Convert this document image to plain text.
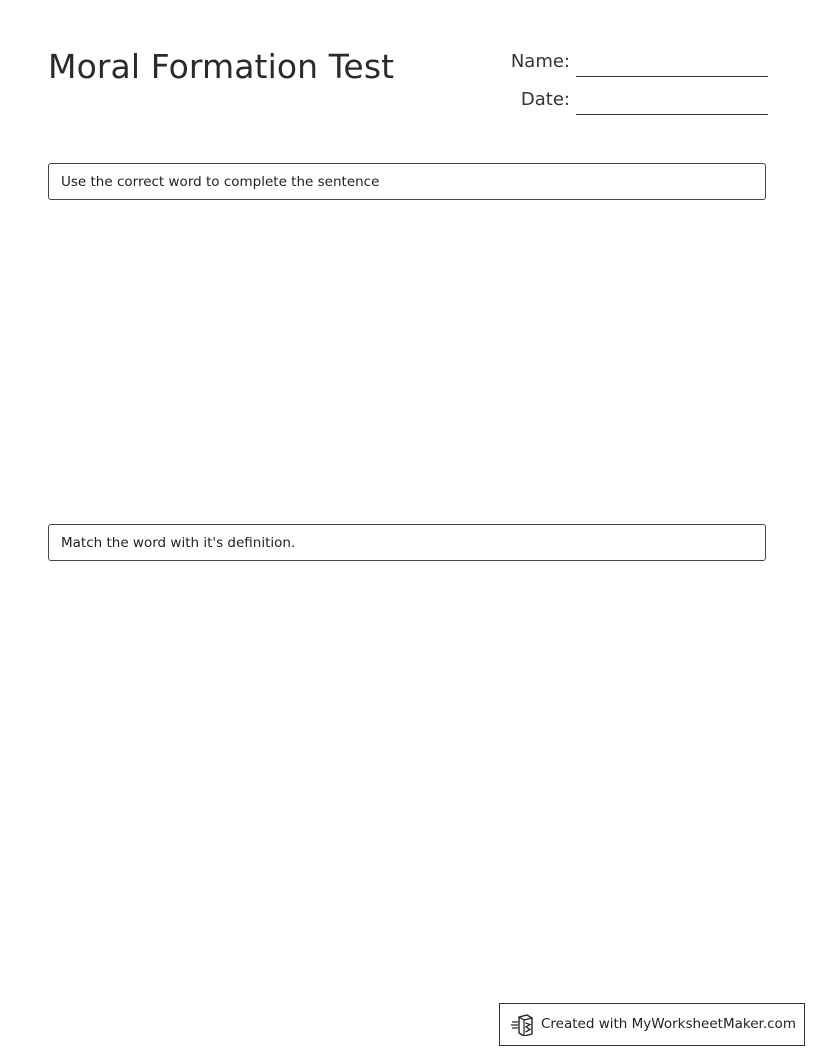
Moral Formation Test	Name:
Date:
Use the correct word to complete the sentence
Match the word with it's definition.
Created with MyWorksheetMaker.com
